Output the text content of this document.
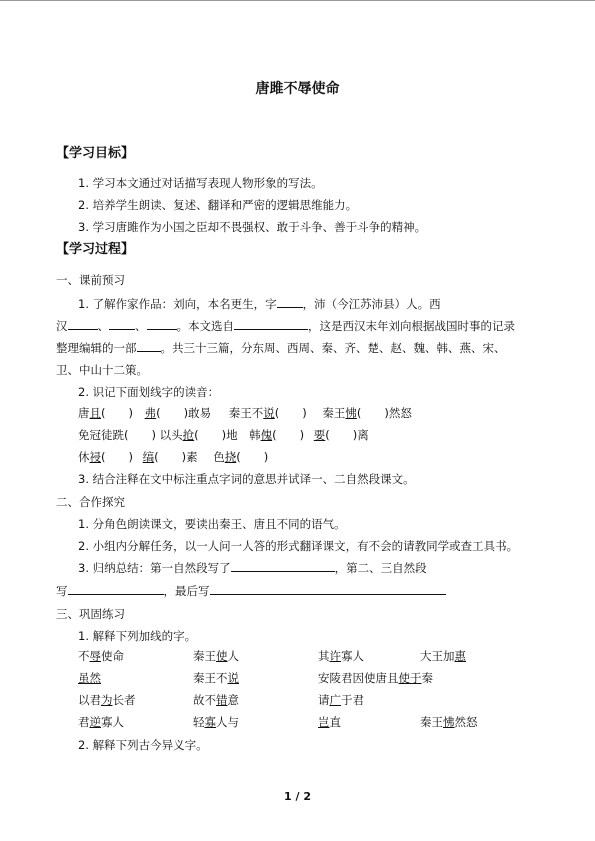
唐雎不辱使命
【学习目标】
1. 学习本文通过对话描写表现人物形象的写法。
2. 培养学生朗读、复述、翻译和严密的逻辑思维能力。
3. 学习唐雎作为小国之臣却不畏强权、敢于斗争、善于斗争的精神。
【学习过程】
一、课前预习
1. 了解作家作品：刘向，本名更生，字 ，沛（今江苏沛县）人。西
汉	、 、	。本文选自	，这是西汉末年刘向根据战国时事的记录
整理编辑的一部 。共三十三篇，分东周、西周、秦、齐、楚、赵、魏、韩、燕、宋、
卫、中山十二策。
2. 识记下面划线字的读音：
唐且(　　) 弗(　　)敢易 秦王不说(　　) 秦王怫(　　)然怒
免冠徒跣(　　) 以头抢(　　)地　韩傀(　　) 要(　　)离
休祲(　　) 缟(　　)素 色挠(　　)
3. 结合注释在文中标注重点字词的意思并试译一、二自然段课文。
二、合作探究
1. 分角色朗读课文，要读出秦王、唐且不同的语气。
2. 小组内分解任务，以一人问一人答的形式翻译课文，有不会的请教同学或查工具书。
3. 归纳总结：第一自然段写了	，第二、三自然段
写	，最后写
三、巩固练习
1. 解释下列加线的字。
不辱使命	秦王使人	其许寡人	大王加惠
虽然	秦王不说	安陵君因使唐且使于秦
以君为长者	故不错意	请广于君
君逆寡人	轻寡人与	岂直	秦王怫然怒
2. 解释下列古今异义字。
1 / 2
